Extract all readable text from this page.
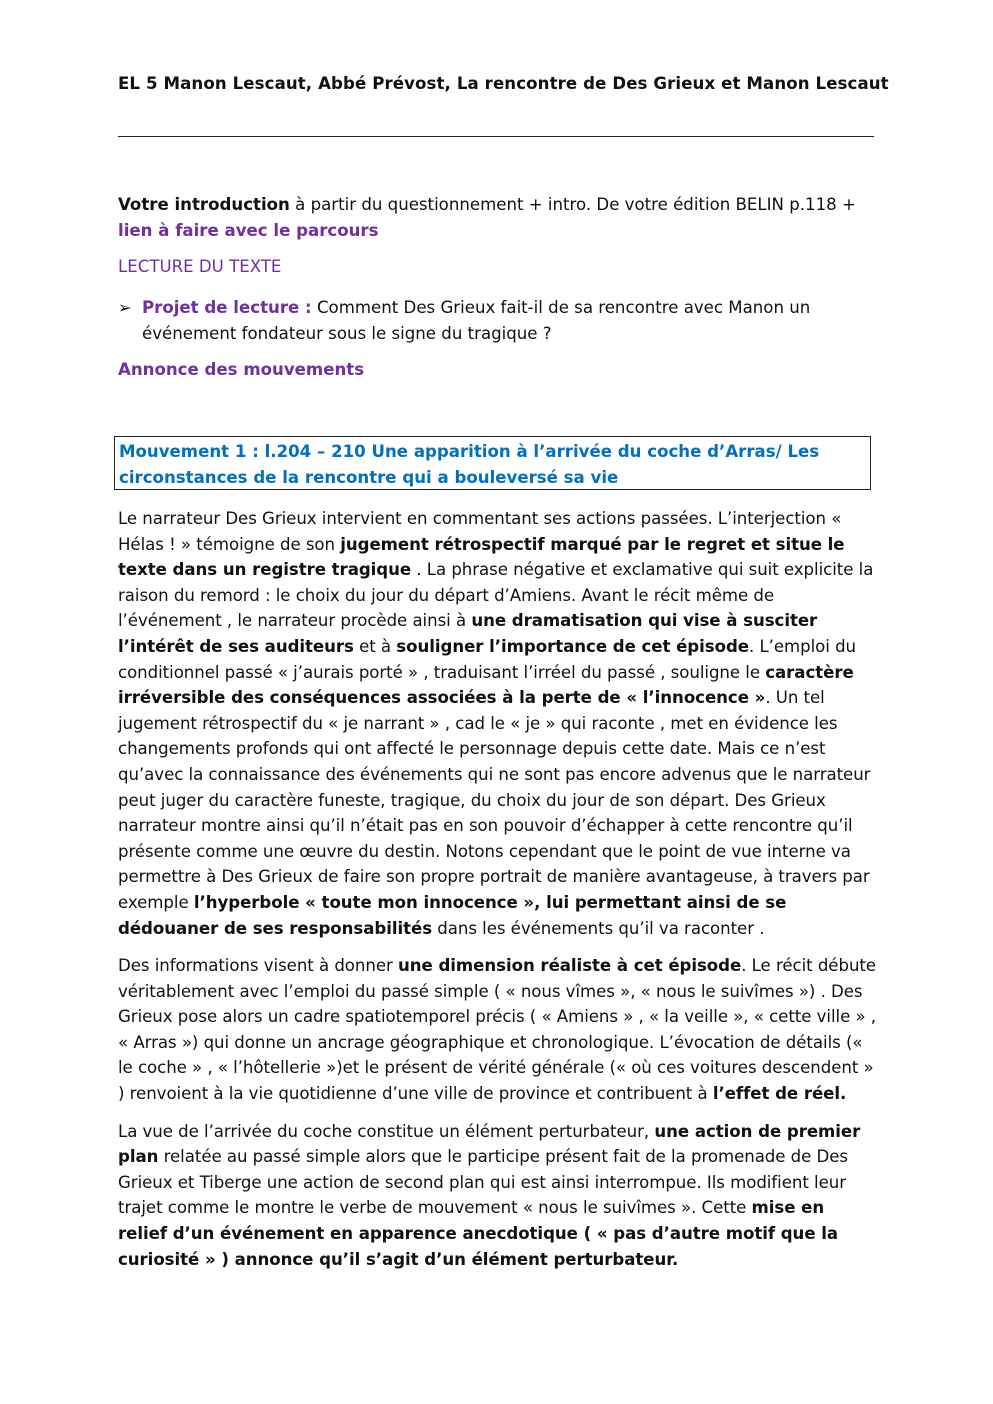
EL 5 Manon Lescaut, Abbé Prévost, La rencontre de Des Grieux et Manon Lescaut
Votre introduction à partir du questionnement + intro. De votre édition BELIN p.118 +
lien à faire avec le parcours
LECTURE DU TEXTE
➢ Projet de lecture : Comment Des Grieux fait-il de sa rencontre avec Manon un événement fondateur sous le signe du tragique ?
Annonce des mouvements
Mouvement 1 : l.204 – 210 Une apparition à l’arrivée du coche d’Arras/ Les circonstances de la rencontre qui a bouleversé sa vie

Le narrateur Des Grieux intervient en commentant ses actions passées. L’interjection « Hélas ! » témoigne de son jugement rétrospectif marqué par le regret et situe le texte dans un registre tragique . La phrase négative et exclamative qui suit explicite la raison du remord : le choix du jour du départ d’Amiens. Avant le récit même de l’événement , le narrateur procède ainsi à une dramatisation qui vise à susciter l’intérêt de ses auditeurs et à souligner l’importance de cet épisode. L’emploi du conditionnel passé « j’aurais porté » , traduisant l’irréel du passé , souligne le caractère irréversible des conséquences associées à la perte de « l’innocence ». Un tel jugement rétrospectif du « je narrant » , cad le « je » qui raconte , met en évidence les changements profonds qui ont affecté le personnage depuis cette date. Mais ce n’est qu’avec la connaissance des événements qui ne sont pas encore advenus que le narrateur peut juger du caractère funeste, tragique, du choix du jour de son départ. Des Grieux narrateur montre ainsi qu’il n’était pas en son pouvoir d’échapper à cette rencontre qu’il présente comme une œuvre du destin. Notons cependant que le point de vue interne va permettre à Des Grieux de faire son propre portrait de manière avantageuse, à travers par exemple l’hyperbole « toute mon innocence », lui permettant ainsi de se dédouaner de ses responsabilités dans les événements qu’il va raconter .

Des informations visent à donner une dimension réaliste à cet épisode. Le récit débute véritablement avec l’emploi du passé simple ( « nous vîmes », « nous le suivîmes ») . Des Grieux pose alors un cadre spatiotemporel précis ( « Amiens » , « la veille », « cette ville » , « Arras ») qui donne un ancrage géographique et chronologique. L’évocation de détails (« le coche » , « l’hôtellerie »)et le présent de vérité générale (« où ces voitures descendent » ) renvoient à la vie quotidienne d’une ville de province et contribuent à l’effet de réel.

La vue de l’arrivée du coche constitue un élément perturbateur, une action de premier plan relatée au passé simple alors que le participe présent fait de la promenade de Des Grieux et Tiberge une action de second plan qui est ainsi interrompue. Ils modifient leur trajet comme le montre le verbe de mouvement « nous le suivîmes ». Cette mise en relief d’un événement en apparence anecdotique ( « pas d’autre motif que la curiosité » ) annonce qu’il s’agit d’un élément perturbateur.
